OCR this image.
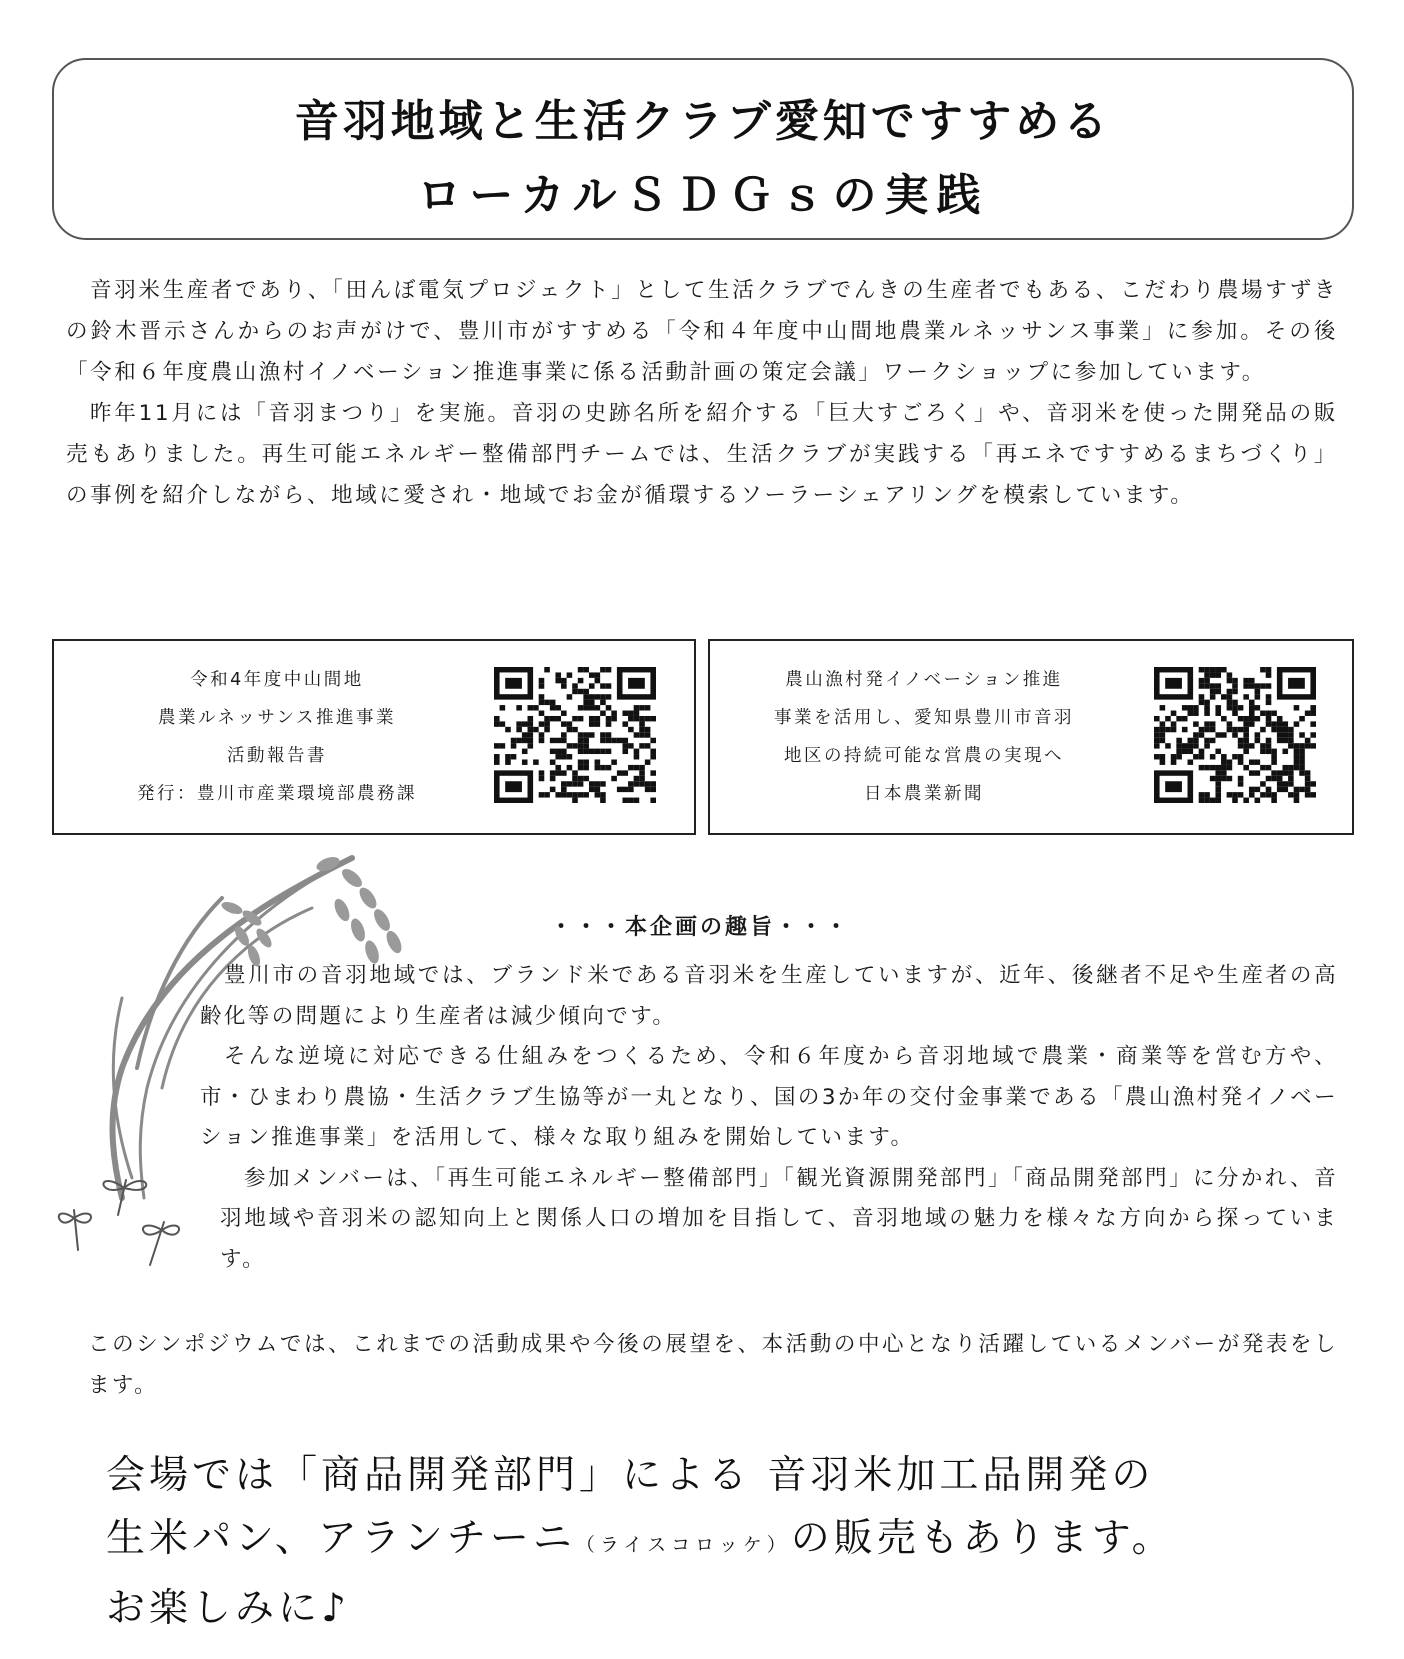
音羽地域と生活クラブ愛知ですすめる
ローカルＳＤＧｓの実践

音羽米生産者であり、「田んぼ電気プロジェクト」として生活クラブでんきの生産者でもある、こだわり農場すずきの鈴木晋示さんからのお声がけで、豊川市がすすめる「令和４年度中山間地農業ルネッサンス事業」に参加。その後「令和６年度農山漁村イノベーション推進事業に係る活動計画の策定会議」ワークショップに参加しています。

昨年11月には「音羽まつり」を実施。音羽の史跡名所を紹介する「巨大すごろく」や、音羽米を使った開発品の販売もありました。再生可能エネルギー整備部門チームでは、生活クラブが実践する「再エネですすめるまちづくり」の事例を紹介しながら、地域に愛され・地域でお金が循環するソーラーシェアリングを模索しています。

令和4年度中山間地
農業ルネッサンス推進事業
活動報告書
発行：豊川市産業環境部農務課
農山漁村発イノベーション推進
事業を活用し、愛知県豊川市音羽
地区の持続可能な営農の実現へ
日本農業新聞
・・・本企画の趣旨・・・

豊川市の音羽地域では、ブランド米である音羽米を生産していますが、近年、後継者不足や生産者の高齢化等の問題により生産者は減少傾向です。

そんな逆境に対応できる仕組みをつくるため、令和６年度から音羽地域で農業・商業等を営む方や、市・ひまわり農協・生活クラブ生協等が一丸となり、国の3か年の交付金事業である「農山漁村発イノベーション推進事業」を活用して、様々な取り組みを開始しています。

参加メンバーは、「再生可能エネルギー整備部門」「観光資源開発部門」「商品開発部門」に分かれ、音羽地域や音羽米の認知向上と関係人口の増加を目指して、音羽地域の魅力を様々な方向から探っています。

このシンポジウムでは、これまでの活動成果や今後の展望を、本活動の中心となり活躍しているメンバーが発表をします。
会場では「商品開発部門」による 音羽米加工品開発の
生米パン、アランチーニ（ライスコロッケ）の販売もあります。
お楽しみに♪
